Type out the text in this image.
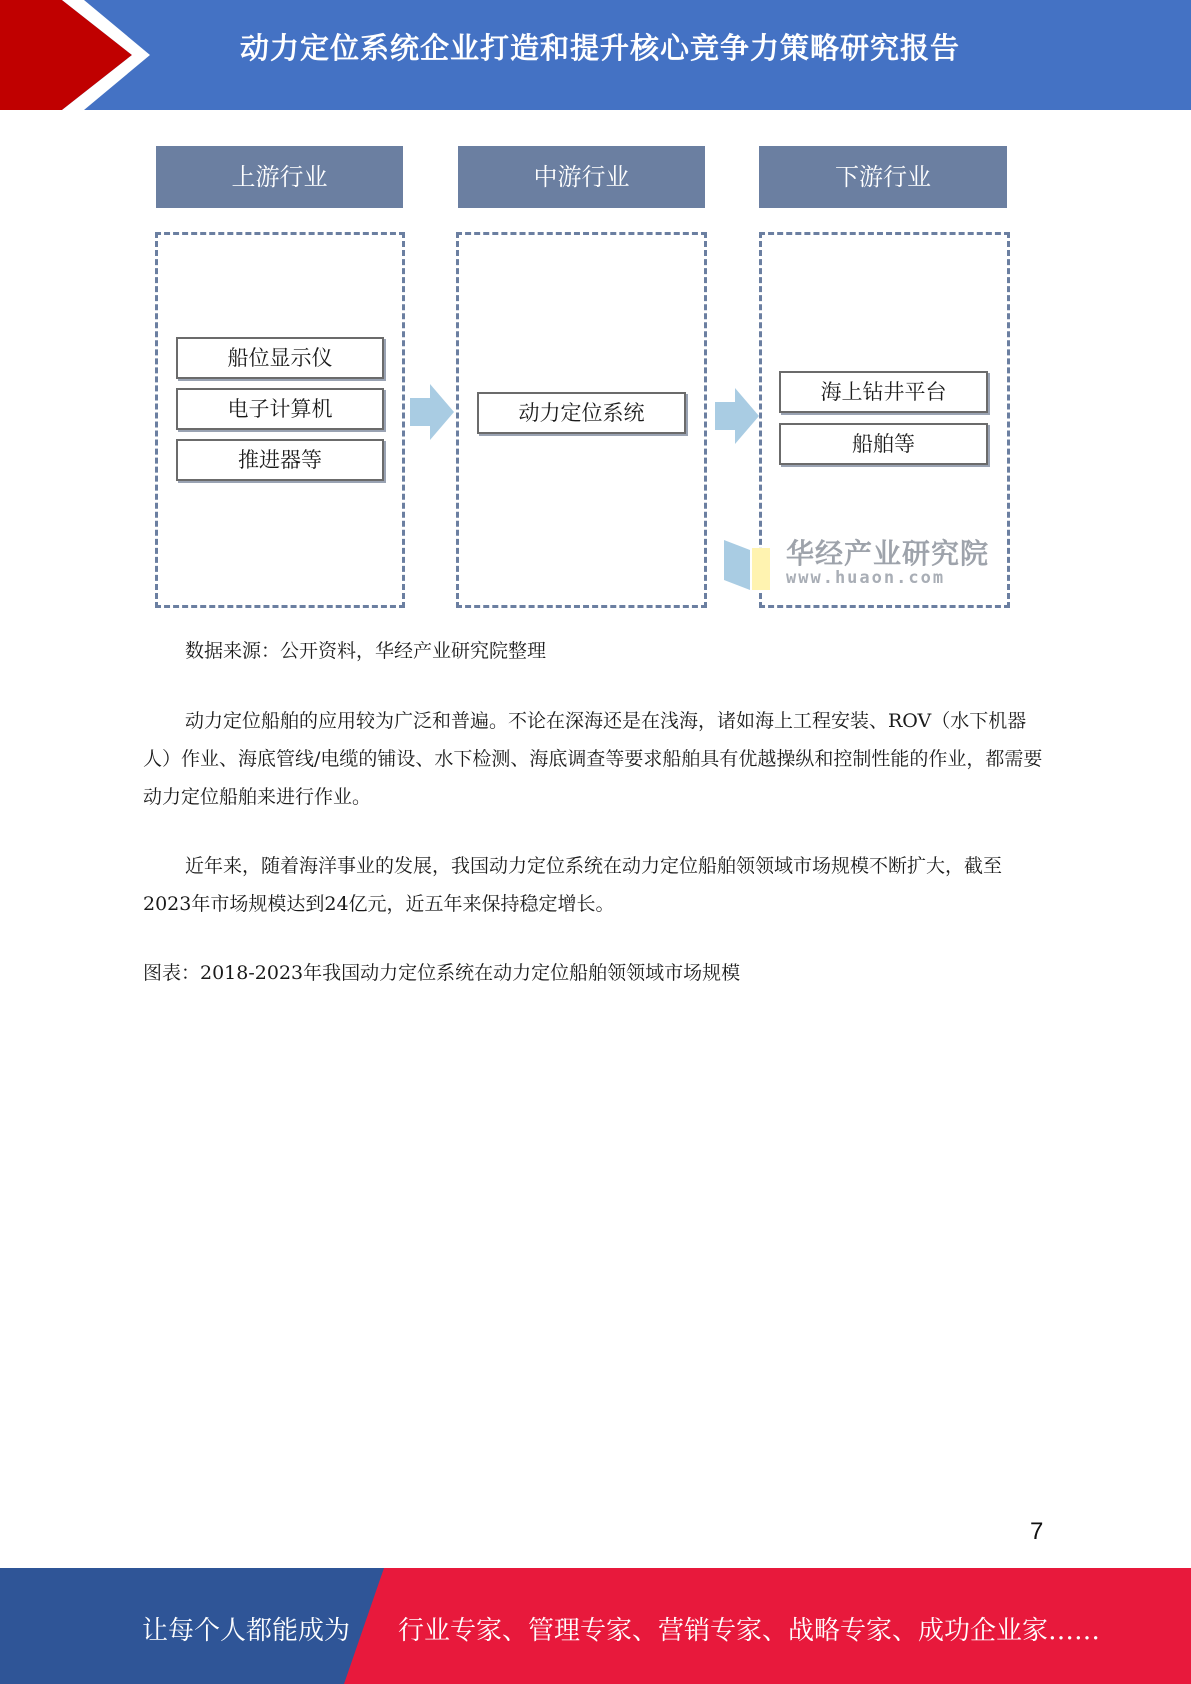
动力定位系统企业打造和提升核心竞争力策略研究报告
上游行业
船位显示仪
电子计算机
推进器等
中游行业
动力定位系统
下游行业
海上钻井平台
船舶等
华经产业研究院
www.huaon.com
数据来源：公开资料，华经产业研究院整理
动力定位船舶的应用较为广泛和普遍。不论在深海还是在浅海，诸如海上工程安装、ROV（水下机器人）作业、海底管线/电缆的铺设、水下检测、海底调查等要求船舶具有优越操纵和控制性能的作业，都需要动力定位船舶来进行作业。
近年来，随着海洋事业的发展，我国动力定位系统在动力定位船舶领领域市场规模不断扩大，截至2023年市场规模达到24亿元，近五年来保持稳定增长。
图表：2018-2023年我国动力定位系统在动力定位船舶领领域市场规模
7
让每个人都能成为 行业专家、管理专家、营销专家、战略专家、成功企业家……
